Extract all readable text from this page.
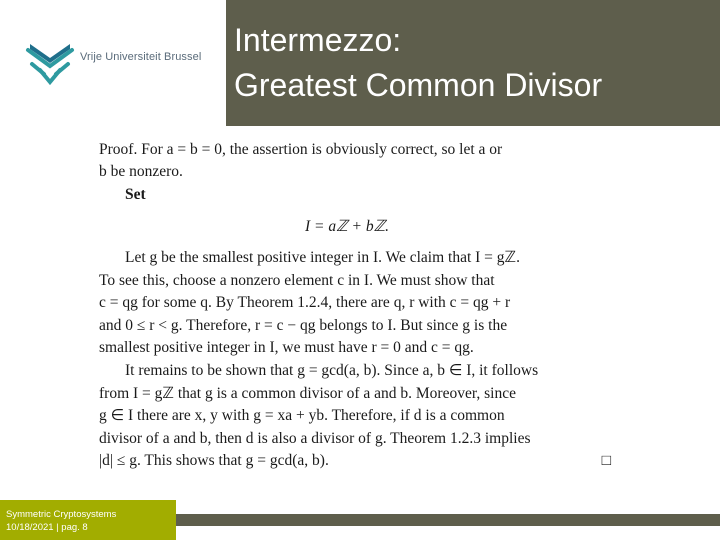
Vrije Universiteit Brussel Intermezzo:
Greatest Common Divisor
Proof. For a = b = 0, the assertion is obviously correct, so let a or
b be nonzero.
Set
I = aℤ + bℤ.
Let g be the smallest positive integer in I. We claim that I = gℤ.
To see this, choose a nonzero element c in I. We must show that
c = qg for some q. By Theorem 1.2.4, there are q, r with c = qg + r
and 0 ≤ r < g. Therefore, r = c − qg belongs to I. But since g is the
smallest positive integer in I, we must have r = 0 and c = qg.
It remains to be shown that g = gcd(a, b). Since a, b ∈ I, it follows
from I = gℤ that g is a common divisor of a and b. Moreover, since
g ∈ I there are x, y with g = xa + yb. Therefore, if d is a common
divisor of a and b, then d is also a divisor of g. Theorem 1.2.3 implies
|d| ≤ g. This shows that g = gcd(a, b).	□
Symmetric Cryptosystems
10/18/2021 | pag. 8
